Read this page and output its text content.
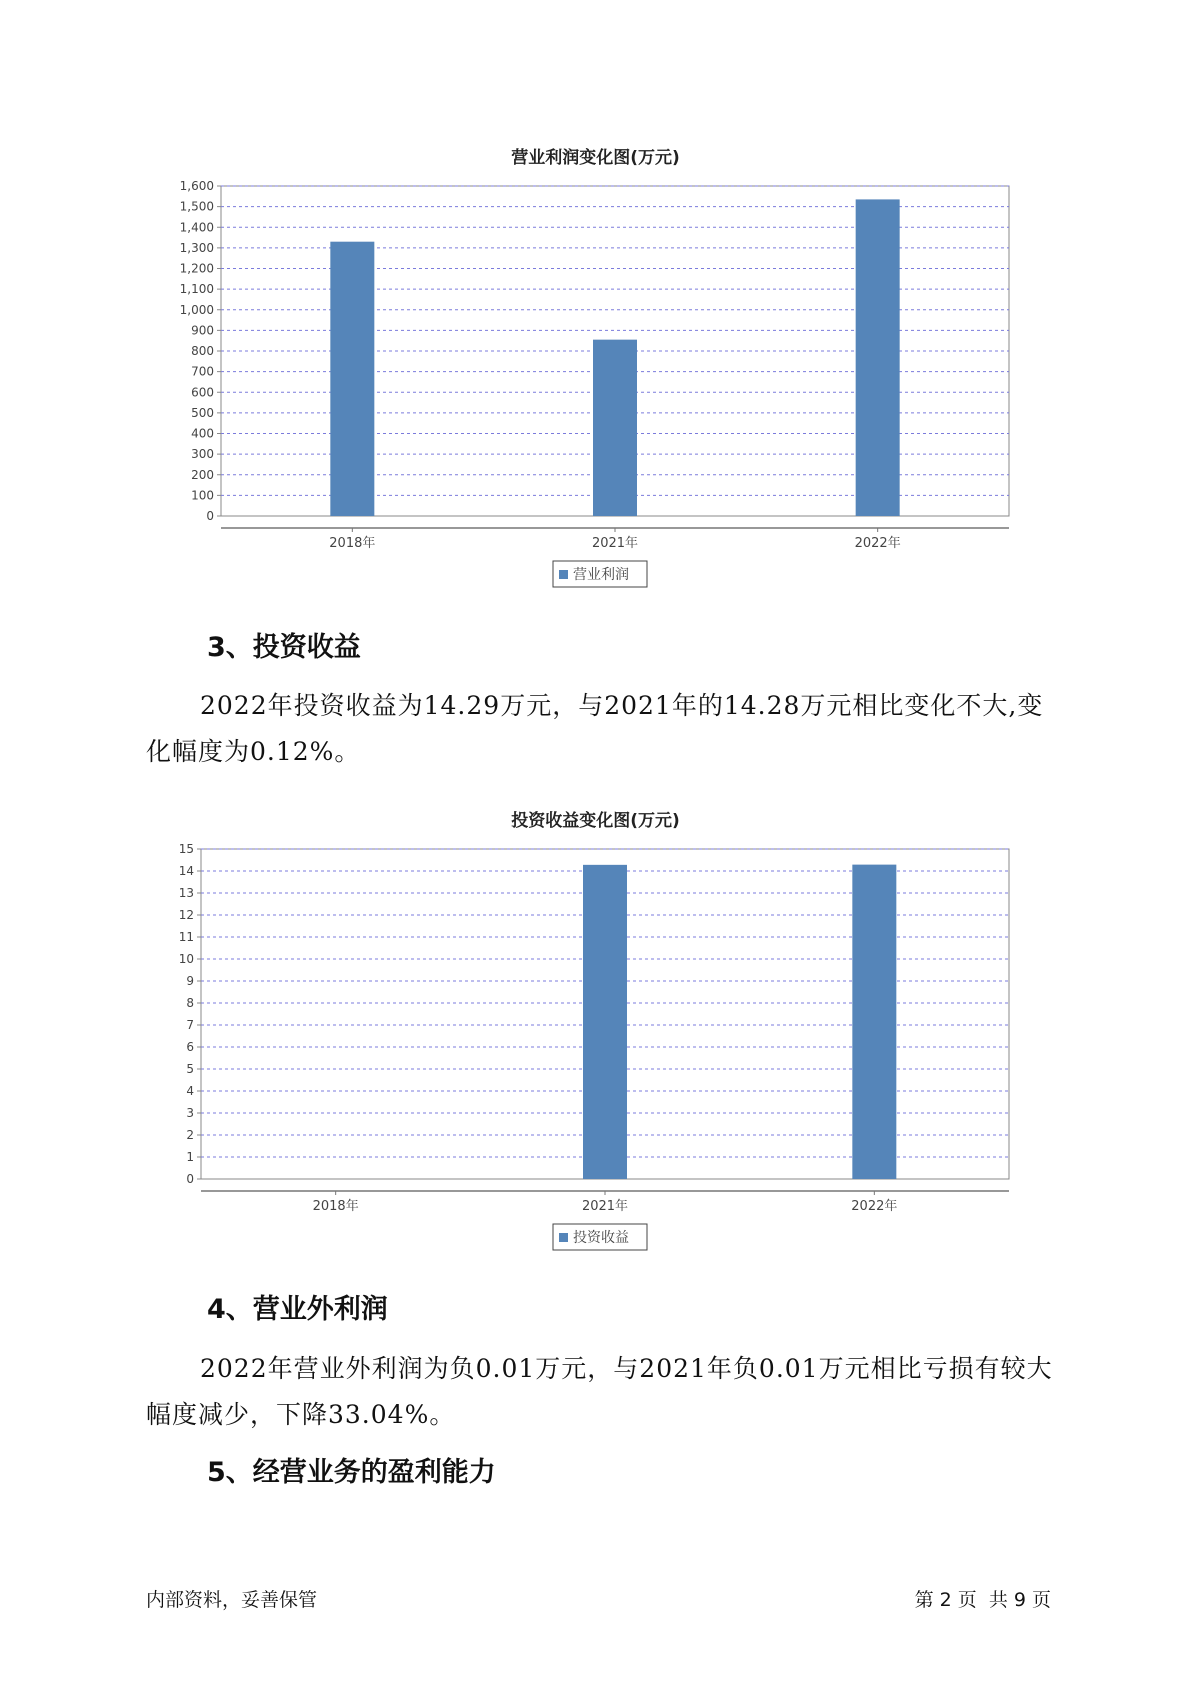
营业利润变化图(万元)
0
100
200
300
400
500
600
700
800
900
1,000
1,100
1,200
1,300
1,400
1,500
1,600
2018年	2021年	2022年
营业利润
3、投资收益

2022年投资收益为14.29万元，与2021年的14.28万元相比变化不大,变化幅度为0.12%。

投资收益变化图(万元)
0
1
2
3
4
5
6
7
8
9
10
11
12
13
14
15
2018年	2021年	2022年
投资收益
4、营业外利润

2022年营业外利润为负0.01万元，与2021年负0.01万元相比亏损有较大幅度减少，下降33.04%。

5、经营业务的盈利能力
内部资料，妥善保管	第 2 页  共 9 页
